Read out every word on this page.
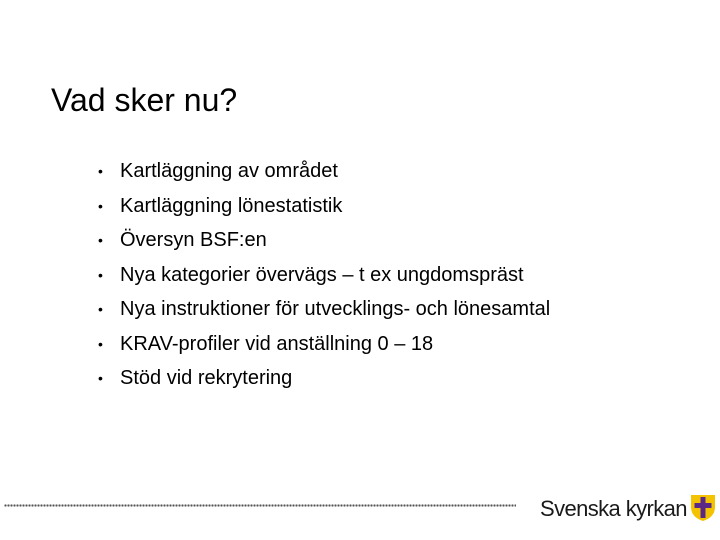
Vad sker nu?
• Kartläggning av området
• Kartläggning lönestatistik
• Översyn BSF:en
• Nya kategorier övervägs – t ex ungdomspräst
• Nya instruktioner för utvecklings- och lönesamtal
• KRAV-profiler vid anställning 0 – 18
• Stöd vid rekrytering
Svenska kyrkan
